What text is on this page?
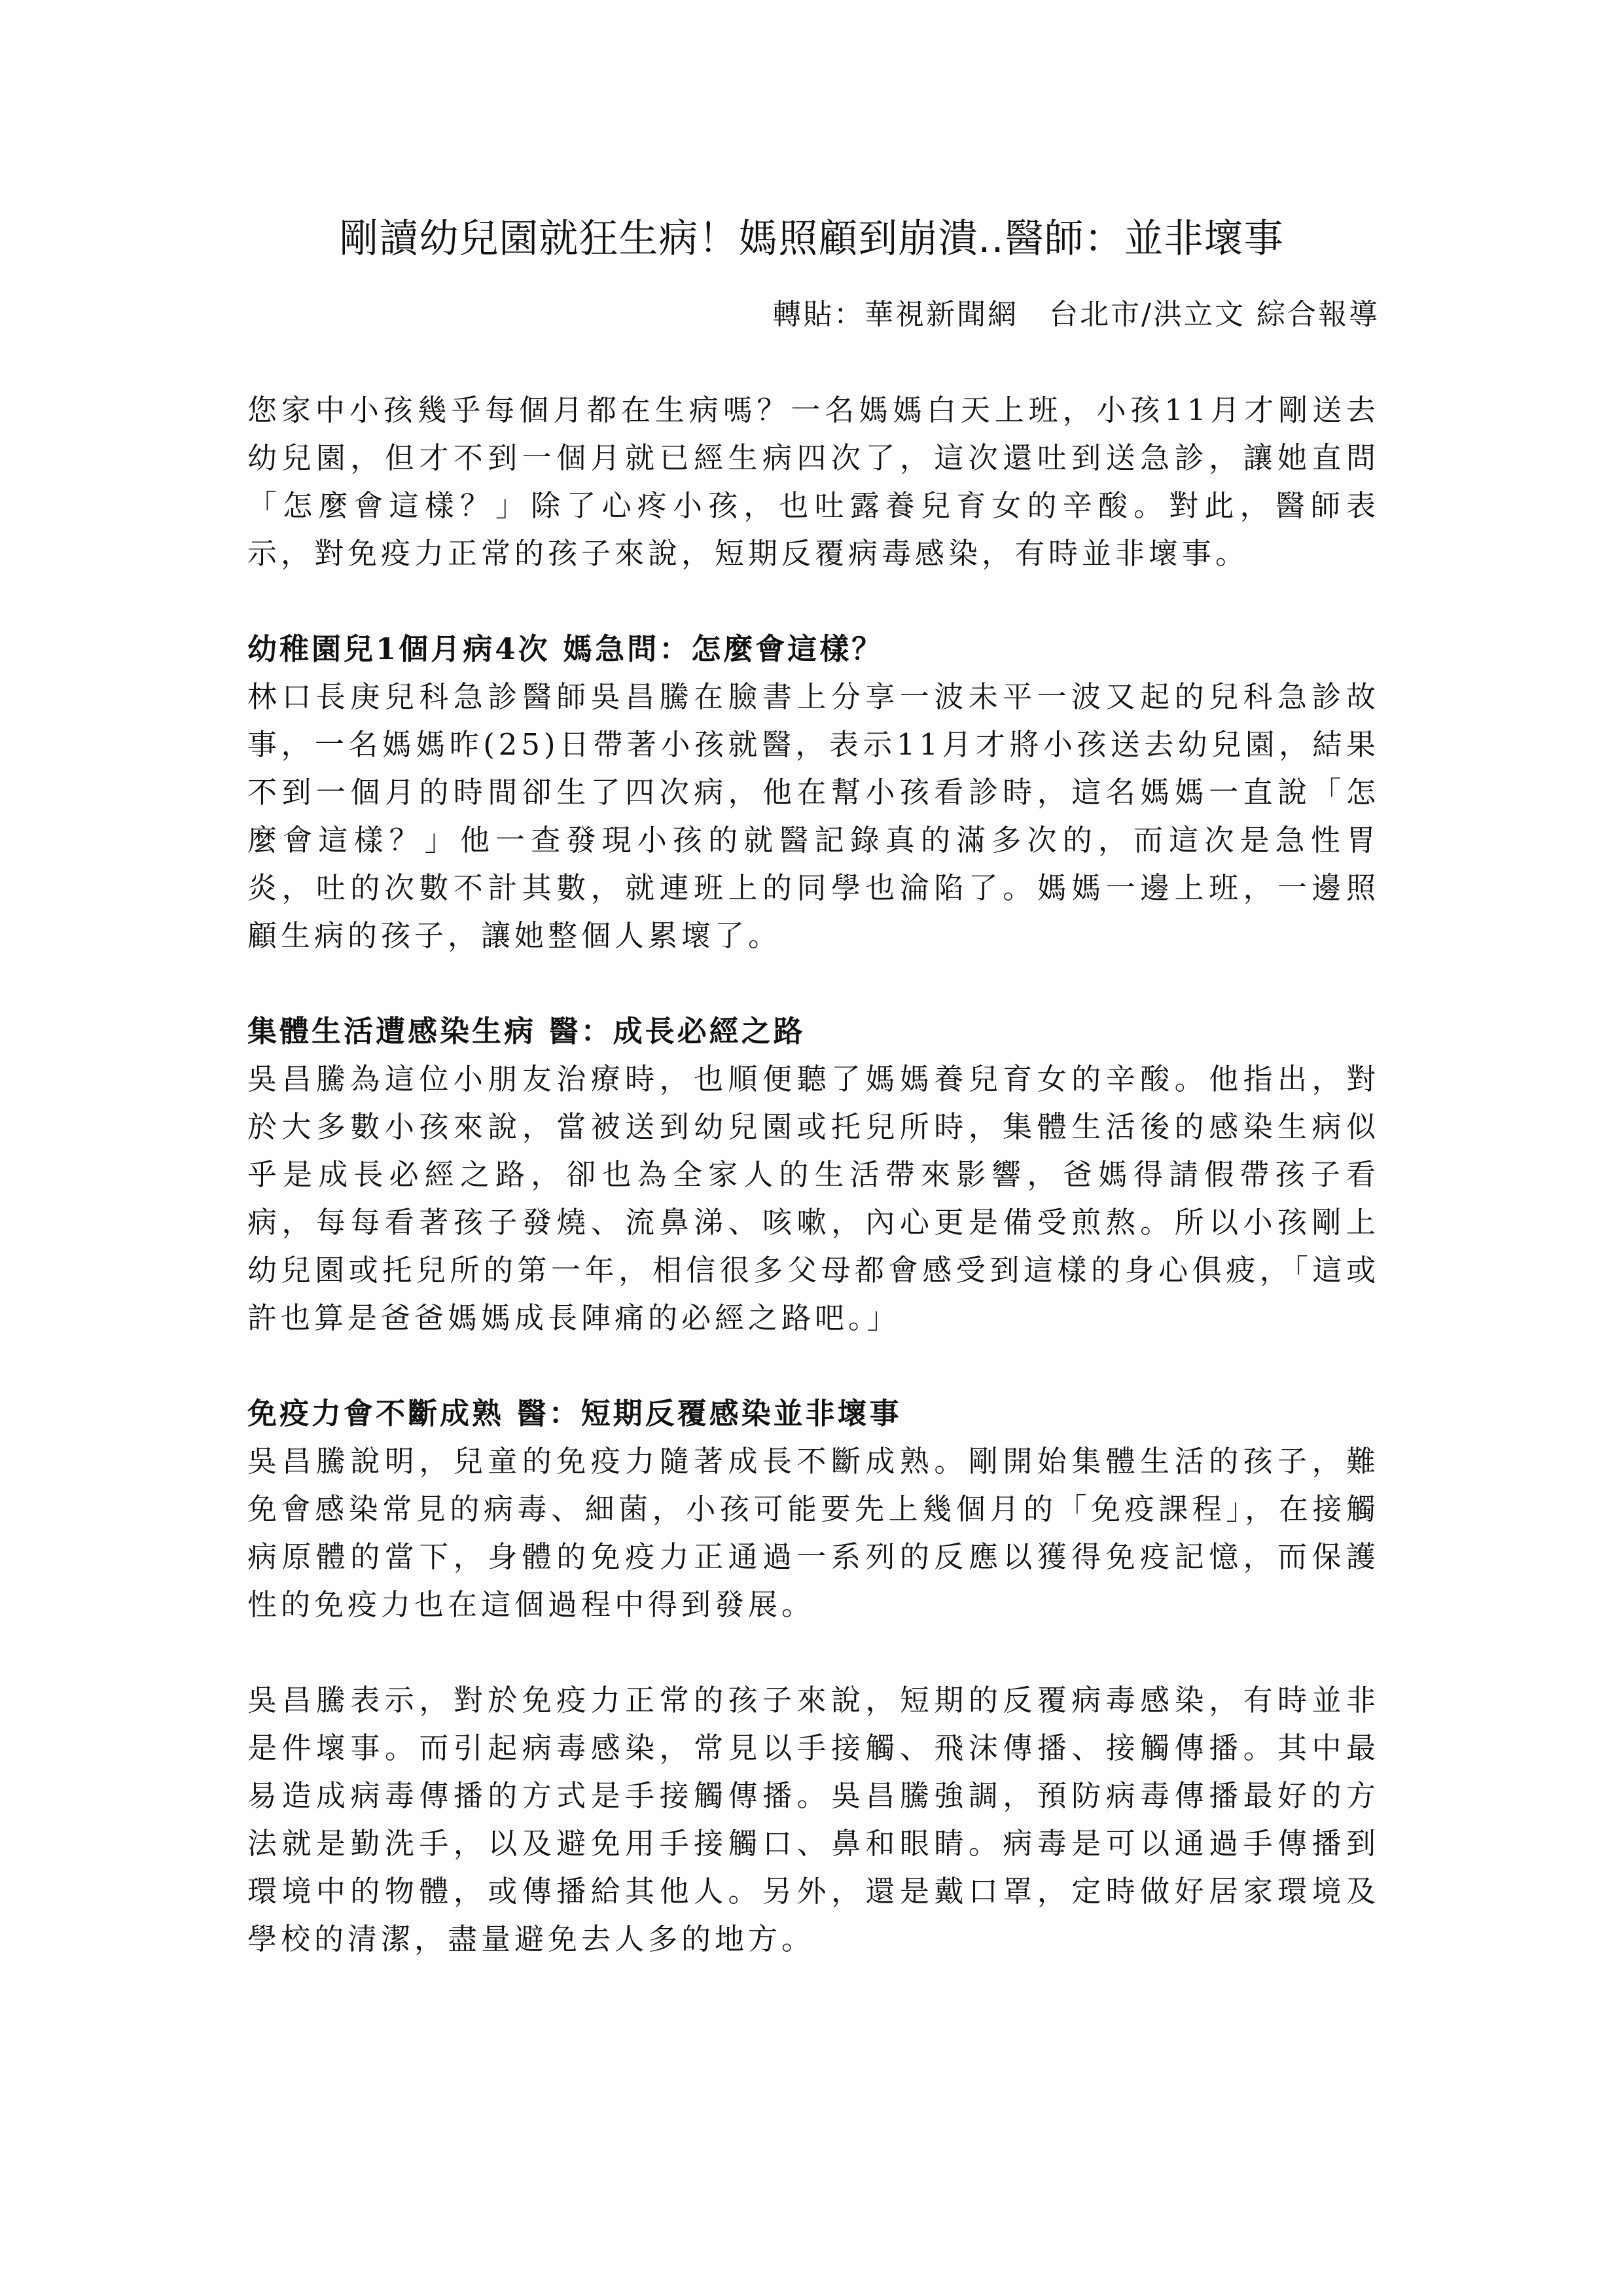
剛讀幼兒園就狂生病！媽照顧到崩潰..醫師：並非壞事
轉貼：華視新聞網　台北市/洪立文 綜合報導

您家中小孩幾乎每個月都在生病嗎？一名媽媽白天上班，小孩11月才剛送去幼兒園，但才不到一個月就已經生病四次了，這次還吐到送急診，讓她直問「怎麼會這樣？」除了心疼小孩，也吐露養兒育女的辛酸。對此，醫師表示，對免疫力正常的孩子來說，短期反覆病毒感染，有時並非壞事。

幼稚園兒1個月病4次 媽急問：怎麼會這樣？

林口長庚兒科急診醫師吳昌騰在臉書上分享一波未平一波又起的兒科急診故事，一名媽媽昨(25)日帶著小孩就醫，表示11月才將小孩送去幼兒園，結果不到一個月的時間卻生了四次病，他在幫小孩看診時，這名媽媽一直說「怎麼會這樣？」他一查發現小孩的就醫記錄真的滿多次的，而這次是急性胃炎，吐的次數不計其數，就連班上的同學也淪陷了。媽媽一邊上班，一邊照顧生病的孩子，讓她整個人累壞了。

集體生活遭感染生病 醫：成長必經之路

吳昌騰為這位小朋友治療時，也順便聽了媽媽養兒育女的辛酸。他指出，對於大多數小孩來說，當被送到幼兒園或托兒所時，集體生活後的感染生病似乎是成長必經之路，卻也為全家人的生活帶來影響，爸媽得請假帶孩子看病，每每看著孩子發燒、流鼻涕、咳嗽，內心更是備受煎熬。所以小孩剛上幼兒園或托兒所的第一年，相信很多父母都會感受到這樣的身心俱疲，「這或許也算是爸爸媽媽成長陣痛的必經之路吧。」

免疫力會不斷成熟 醫：短期反覆感染並非壞事

吳昌騰說明，兒童的免疫力隨著成長不斷成熟。剛開始集體生活的孩子，難免會感染常見的病毒、細菌，小孩可能要先上幾個月的「免疫課程」，在接觸病原體的當下，身體的免疫力正通過一系列的反應以獲得免疫記憶，而保護性的免疫力也在這個過程中得到發展。

吳昌騰表示，對於免疫力正常的孩子來說，短期的反覆病毒感染，有時並非是件壞事。而引起病毒感染，常見以手接觸、飛沫傳播、接觸傳播。其中最易造成病毒傳播的方式是手接觸傳播。吳昌騰強調，預防病毒傳播最好的方法就是勤洗手，以及避免用手接觸口、鼻和眼睛。病毒是可以通過手傳播到環境中的物體，或傳播給其他人。另外，還是戴口罩，定時做好居家環境及學校的清潔，盡量避免去人多的地方。
